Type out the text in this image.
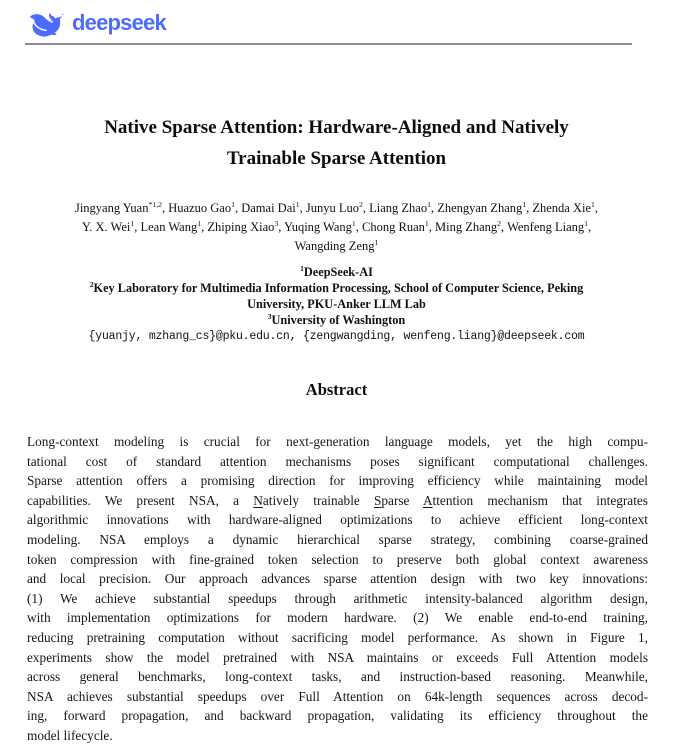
deepseek
Native Sparse Attention: Hardware-Aligned and Natively
Trainable Sparse Attention
Jingyang Yuan$^{*1,2}$, Huazuo Gao$^1$, Damai Dai$^1$, Junyu Luo$^2$, Liang Zhao$^1$, Zhengyan Zhang$^1$, Zhenda Xie$^1$,
Y. X. Wei$^1$, Lean Wang$^1$, Zhiping Xiao$^3$, Yuqing Wang$^1$, Chong Ruan$^1$, Ming Zhang$^2$, Wenfeng Liang$^1$,
Wangding Zeng$^1$
$^1$DeepSeek-AI
$^2$Key Laboratory for Multimedia Information Processing, School of Computer Science, Peking
University, PKU-Anker LLM Lab
$^3$University of Washington
{yuanjy, mzhang_cs}@pku.edu.cn, {zengwangding, wenfeng.liang}@deepseek.com
Abstract
Long-context modeling is crucial for next-generation language models, yet the high compu-
tational cost of standard attention mechanisms poses significant computational challenges.
Sparse attention offers a promising direction for improving efficiency while maintaining model
capabilities. We present NSA, a Natively trainable Sparse Attention mechanism that integrates
algorithmic innovations with hardware-aligned optimizations to achieve efficient long-context
modeling. NSA employs a dynamic hierarchical sparse strategy, combining coarse-grained
token compression with fine-grained token selection to preserve both global context awareness
and local precision. Our approach advances sparse attention design with two key innovations:
(1) We achieve substantial speedups through arithmetic intensity-balanced algorithm design,
with implementation optimizations for modern hardware. (2) We enable end-to-end training,
reducing pretraining computation without sacrificing model performance. As shown in Figure 1,
experiments show the model pretrained with NSA maintains or exceeds Full Attention models
across general benchmarks, long-context tasks, and instruction-based reasoning. Meanwhile,
NSA achieves substantial speedups over Full Attention on 64k-length sequences across decod-
ing, forward propagation, and backward propagation, validating its efficiency throughout the
model lifecycle.
